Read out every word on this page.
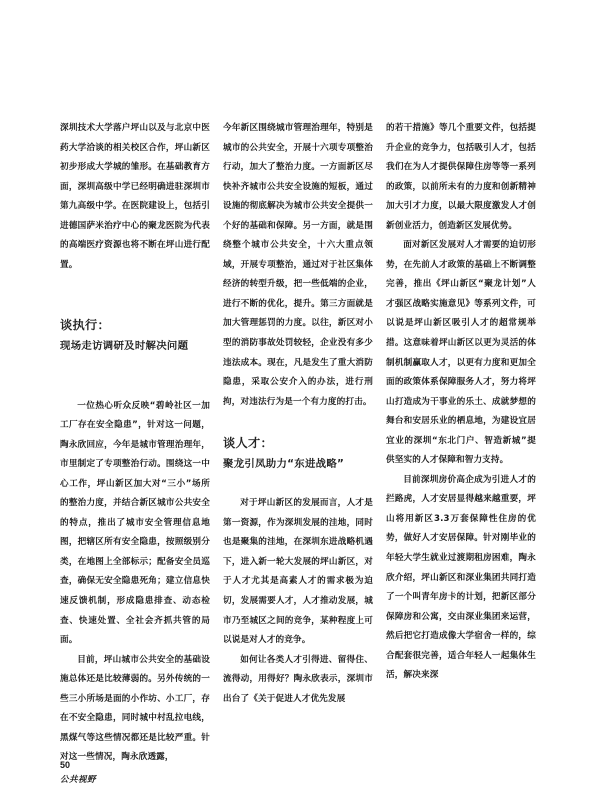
深圳技术大学落户坪山以及与北京中医药大学洽谈的相关校区合作，坪山新区初步形成大学城的雏形。在基础教育方面，深圳高级中学已经明确进驻深圳市第九高级中学。在医院建设上，包括引进德国萨米治疗中心的聚龙医院为代表的高端医疗资源也将不断在坪山进行配置。

谈执行：
现场走访调研及时解决问题

一位热心听众反映“碧岭社区一加工厂存在安全隐患”，针对这一问题，陶永欣回应，今年是城市管理治理年，市里制定了专项整治行动。围绕这一中心工作，坪山新区加大对“三小”场所的整治力度，并结合新区城市公共安全的特点，推出了城市安全管理信息地图，把辖区所有安全隐患，按照级别分类，在地图上全部标示；配备安全员巡查，确保无安全隐患死角；建立信息快速反馈机制，形成隐患排查、动态检查、快速处置、全社会齐抓共管的局面。

目前，坪山城市公共安全的基础设施总体还是比较薄弱的。另外传统的一些三小所场是面的小作坊、小工厂，存在不安全隐患，同时城中村乱拉电线，黑煤气等这些情况都还是比较严重。针对这一些情况，陶永欣透露，

今年新区围绕城市管理治理年，特别是城市的公共安全，开展十六项专项整治行动，加大了整治力度。一方面新区尽快补齐城市公共安全设施的短板，通过设施的彻底解决为城市公共安全提供一个好的基础和保障。另一方面，就是围绕整个城市公共安全，十六大重点领域，开展专项整治，通过对于社区集体经济的转型升级，把一些低端的企业，进行不断的优化，提升。第三方面就是加大管理惩罚的力度。以往，新区对小型的消防事故处罚较轻，企业没有多少违法成本。现在，凡是发生了重大消防隐患，采取公安介入的办法，进行刑拘，对违法行为是一个有力度的打击。

谈人才：
聚龙引凤助力“东进战略”

对于坪山新区的发展而言，人才是第一资源，作为深圳发展的洼地，同时也是聚集的洼地，在深圳东进战略机遇下，进入新一轮大发展的坪山新区，对于人才尤其是高素人才的需求极为迫切，发展需要人才，人才推动发展，城市乃至城区之间的竞争，某种程度上可以说是对人才的竞争。

如何让各类人才引得进、留得住、流得动，用得好？陶永欣表示，深圳市出台了《关于促进人才优先发展

的若干措施》等几个重要文件，包括提升企业的竞争力，包括吸引人才，包括我们在为人才提供保障住房等等一系列的政策，以前所未有的力度和创新精神加大引才力度，以最大限度激发人才创新创业活力，创造新区发展优势。

面对新区发展对人才需要的迫切形势，在先前人才政策的基础上不断调整完善，推出《坪山新区“聚龙计划”人才强区战略实施意见》等系列文件，可以说是坪山新区吸引人才的超常规举措。这意味着坪山新区以更为灵活的体制机制赢取人才，以更有力度和更加全面的政策体系保障服务人才，努力将坪山打造成为干事业的乐土、成就梦想的舞台和安居乐业的栖息地，为建设宜居宜业的深圳“东北门户、智造新城”提供坚实的人才保障和智力支持。

目前深圳房价高企成为引进人才的拦路虎，人才安居显得越来越重要，坪山将用新区3.3万套保障性住房的优势，做好人才安居保障。针对刚毕业的年轻大学生就业过渡期租房困难，陶永欣介绍，坪山新区和深业集团共同打造了一个叫青年房卡的计划，把新区部分保障房和公寓，交由深业集团来运营，然后把它打造成像大学宿舍一样的，综合配套很完善，适合年轻人一起集体生活，解决来深

50
公共视野
